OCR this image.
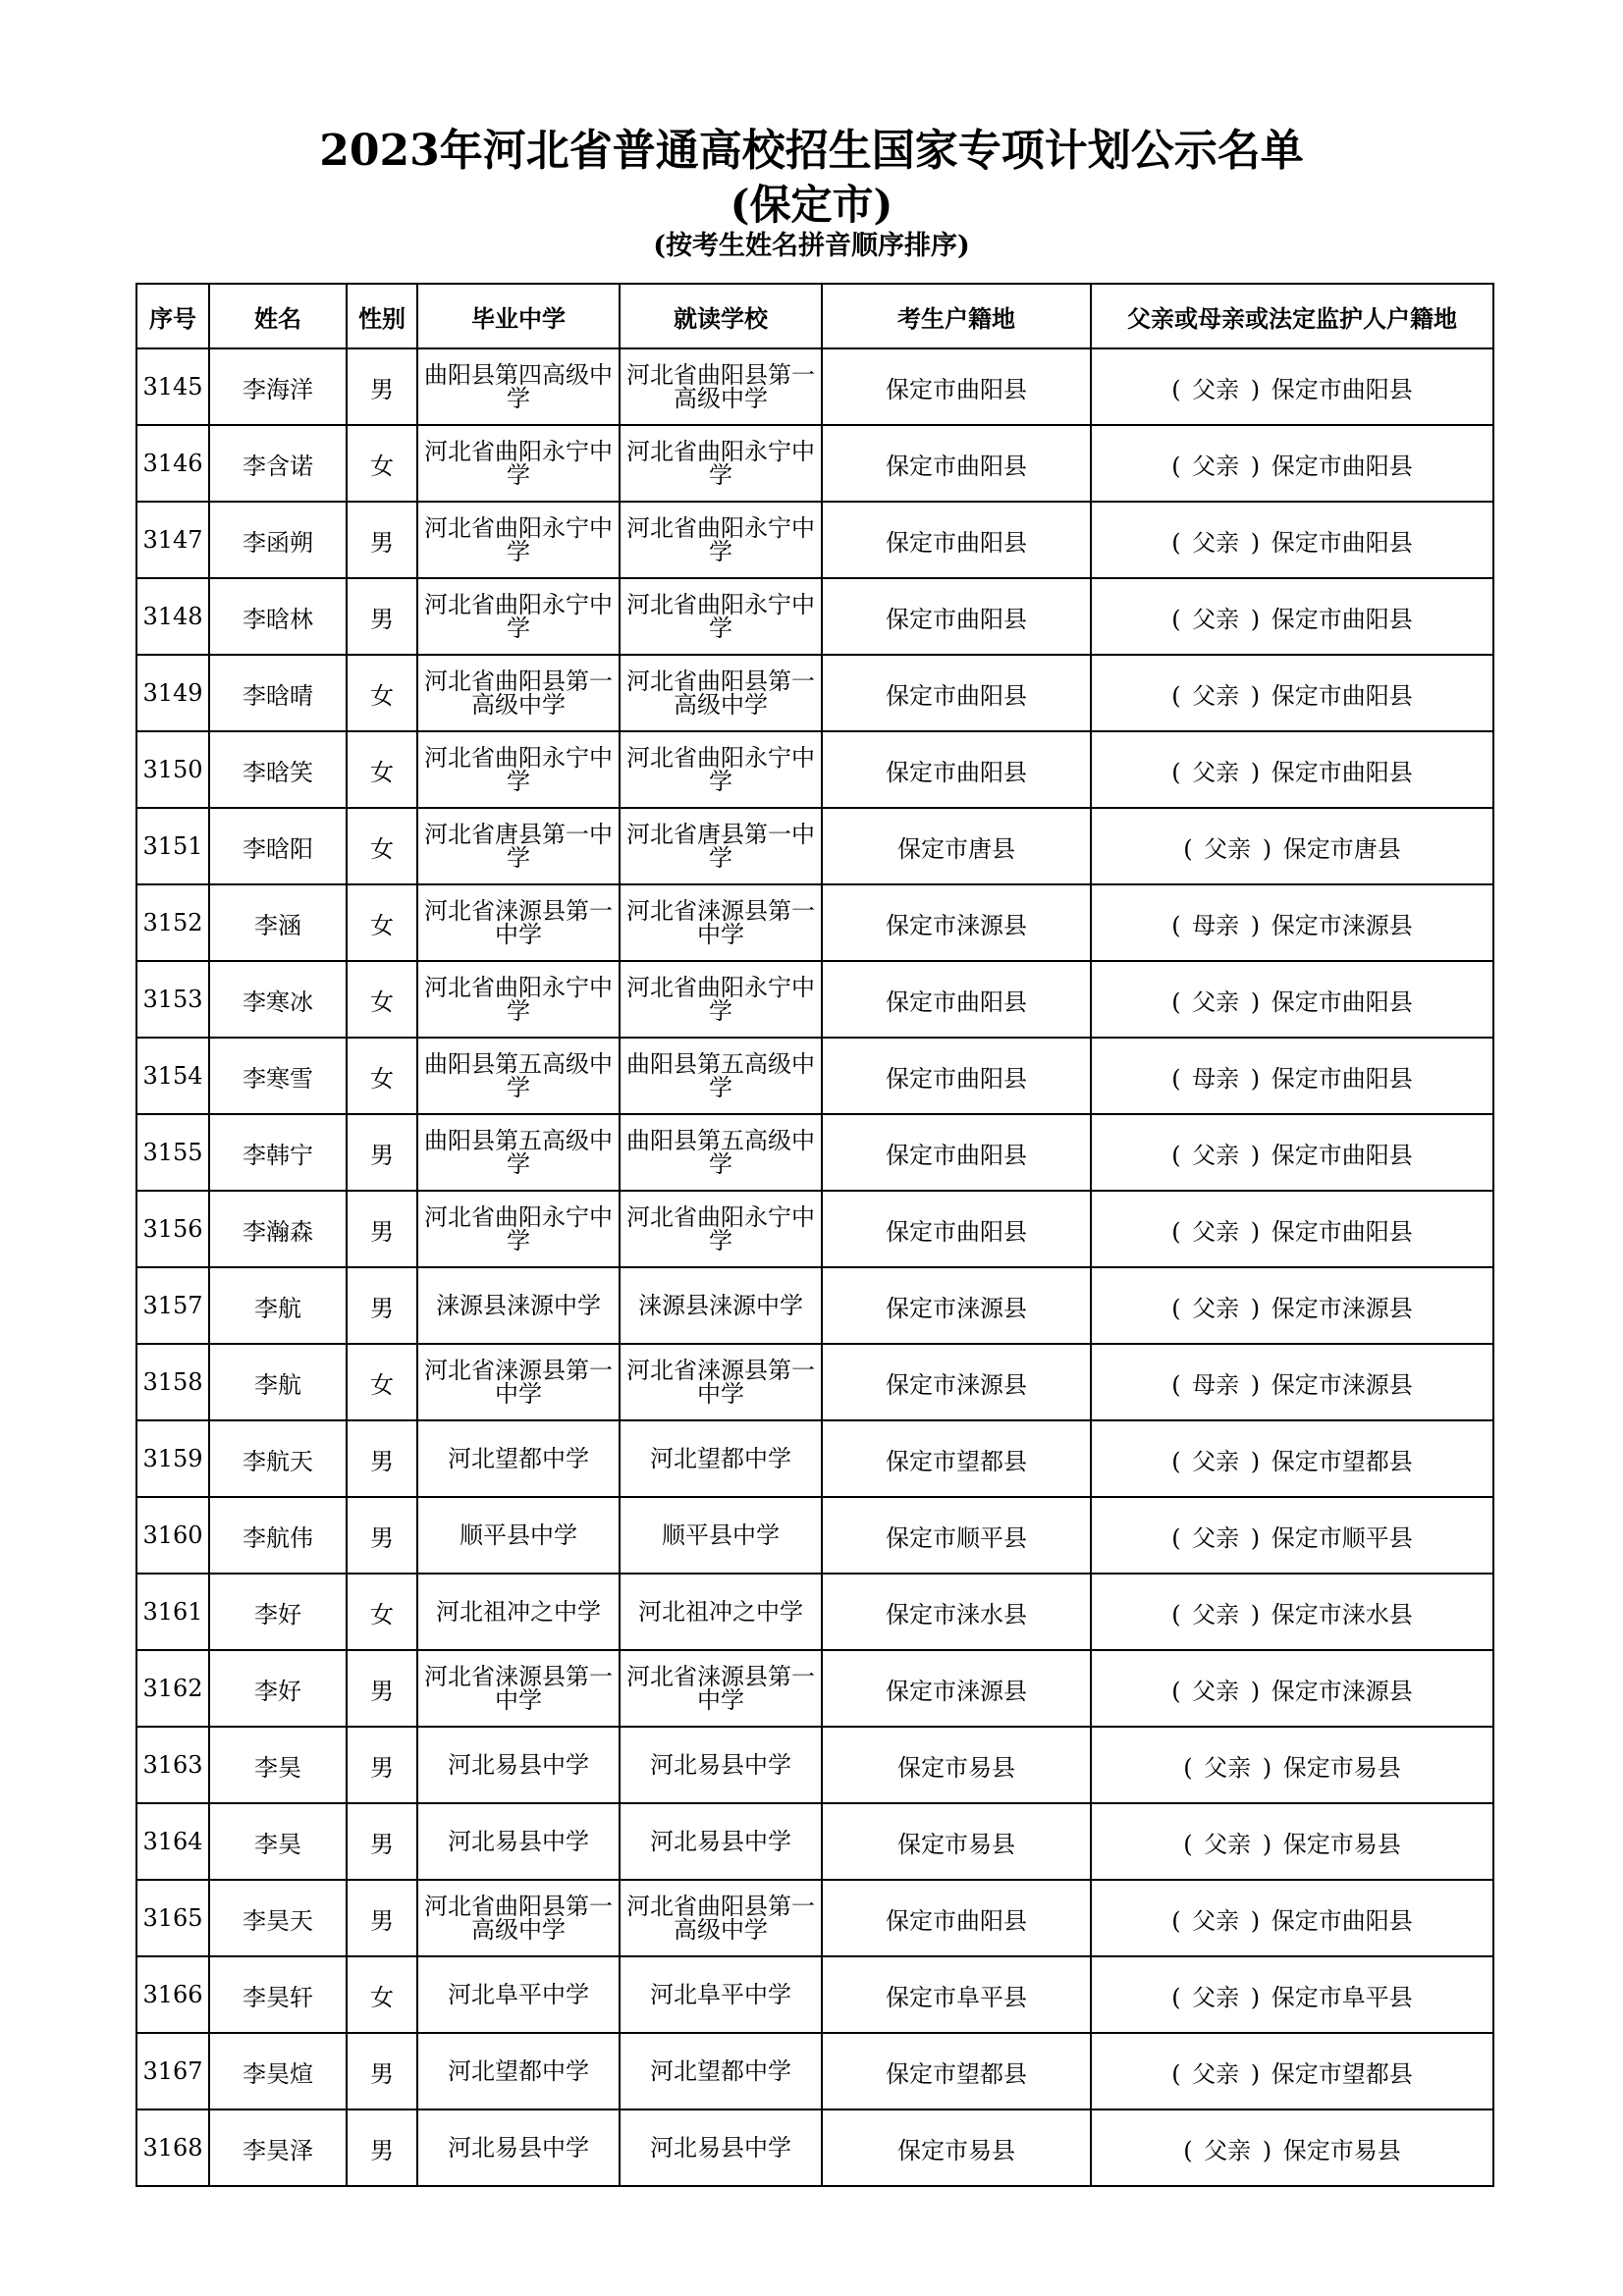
2023年河北省普通高校招生国家专项计划公示名单
(保定市)
(按考生姓名拼音顺序排序)
序号	姓名	性别	毕业中学	就读学校	考生户籍地	父亲或母亲或法定监护人户籍地
3145	李海洋	男	曲阳县第四高级中学	河北省曲阳县第一高级中学	保定市曲阳县	( 父亲 ) 保定市曲阳县
3146	李含诺	女	河北省曲阳永宁中学	河北省曲阳永宁中学	保定市曲阳县	( 父亲 ) 保定市曲阳县
3147	李函朔	男	河北省曲阳永宁中学	河北省曲阳永宁中学	保定市曲阳县	( 父亲 ) 保定市曲阳县
3148	李晗林	男	河北省曲阳永宁中学	河北省曲阳永宁中学	保定市曲阳县	( 父亲 ) 保定市曲阳县
3149	李晗晴	女	河北省曲阳县第一高级中学	河北省曲阳县第一高级中学	保定市曲阳县	( 父亲 ) 保定市曲阳县
3150	李晗笑	女	河北省曲阳永宁中学	河北省曲阳永宁中学	保定市曲阳县	( 父亲 ) 保定市曲阳县
3151	李晗阳	女	河北省唐县第一中学	河北省唐县第一中学	保定市唐县	( 父亲 ) 保定市唐县
3152	李涵	女	河北省涞源县第一中学	河北省涞源县第一中学	保定市涞源县	( 母亲 ) 保定市涞源县
3153	李寒冰	女	河北省曲阳永宁中学	河北省曲阳永宁中学	保定市曲阳县	( 父亲 ) 保定市曲阳县
3154	李寒雪	女	曲阳县第五高级中学	曲阳县第五高级中学	保定市曲阳县	( 母亲 ) 保定市曲阳县
3155	李韩宁	男	曲阳县第五高级中学	曲阳县第五高级中学	保定市曲阳县	( 父亲 ) 保定市曲阳县
3156	李瀚森	男	河北省曲阳永宁中学	河北省曲阳永宁中学	保定市曲阳县	( 父亲 ) 保定市曲阳县
3157	李航	男	涞源县涞源中学	涞源县涞源中学	保定市涞源县	( 父亲 ) 保定市涞源县
3158	李航	女	河北省涞源县第一中学	河北省涞源县第一中学	保定市涞源县	( 母亲 ) 保定市涞源县
3159	李航天	男	河北望都中学	河北望都中学	保定市望都县	( 父亲 ) 保定市望都县
3160	李航伟	男	顺平县中学	顺平县中学	保定市顺平县	( 父亲 ) 保定市顺平县
3161	李好	女	河北祖冲之中学	河北祖冲之中学	保定市涞水县	( 父亲 ) 保定市涞水县
3162	李好	男	河北省涞源县第一中学	河北省涞源县第一中学	保定市涞源县	( 父亲 ) 保定市涞源县
3163	李昊	男	河北易县中学	河北易县中学	保定市易县	( 父亲 ) 保定市易县
3164	李昊	男	河北易县中学	河北易县中学	保定市易县	( 父亲 ) 保定市易县
3165	李昊天	男	河北省曲阳县第一高级中学	河北省曲阳县第一高级中学	保定市曲阳县	( 父亲 ) 保定市曲阳县
3166	李昊轩	女	河北阜平中学	河北阜平中学	保定市阜平县	( 父亲 ) 保定市阜平县
3167	李昊煊	男	河北望都中学	河北望都中学	保定市望都县	( 父亲 ) 保定市望都县
3168	李昊泽	男	河北易县中学	河北易县中学	保定市易县	( 父亲 ) 保定市易县
